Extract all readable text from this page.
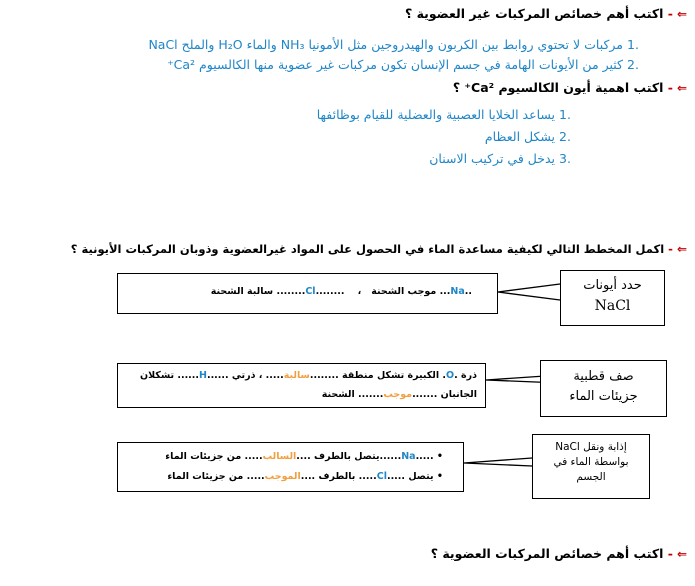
⇐- اكتب أهم خصائص المركبات غير العضوية ؟
1. مركبات لا تحتوي روابط بين الكربون والهيدروجين مثل الأمونيا NH₃ والماء H₂O والملح NaCl
2. كثير من الأيونات الهامة في جسم الإنسان تكون مركبات غير عضوية منها الكالسيوم Ca²⁺
⇐- اكتب اهمية أيون الكالسيوم Ca²⁺ ؟
1. يساعد الخلايا العصبية والعضلية للقيام بوظائفها
2. يشكل العظام
3. يدخل في تركيب الاسنان
⇐- اكمل المخطط التالي لكيفية مساعدة الماء في الحصول على المواد غيرالعضوية وذوبان المركبات الأيونية ؟
حدد أيونات
NaCl
..Na... موجب الشحنة   ،    ........Cl........ سالبة الشحنة
صف قطبية
جزيئات الماء
ذرة .O. الكبيرة تشكل منطقة ........سالبة..... ، ذرتي ......H...... تشكلان
الجانبان .......موجب....... الشحنة
إذابة ونقل NaCl
بواسطة الماء في
الجسم
• .....Na......يتصل بالطرف ....السالب..... من جزيئات الماء
• يتصل .....Cl..... بالطرف ....الموجب..... من جزيئات الماء
⇐- اكتب أهم خصائص المركبات العضوية ؟
